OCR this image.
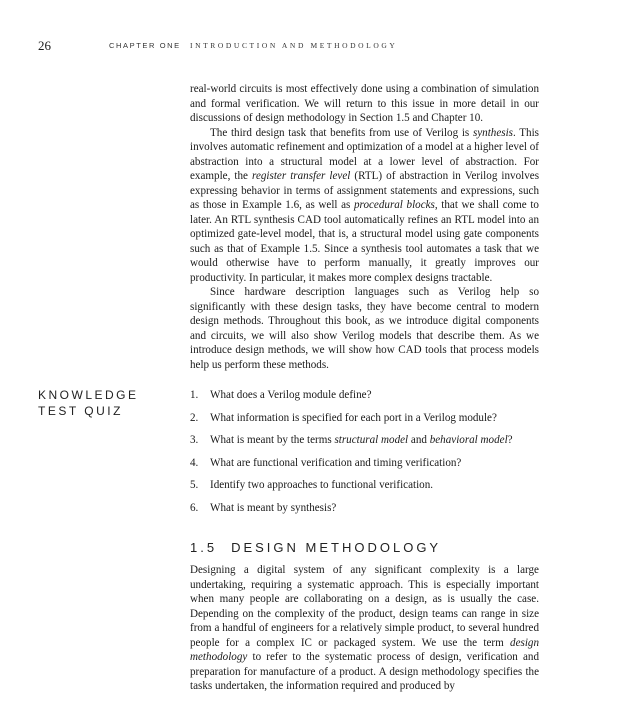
26	CHAPTER ONE INTRODUCTION AND METHODOLOGY

real-world circuits is most effectively done using a combination of simulation and formal verification. We will return to this issue in more detail in our discussions of design methodology in Section 1.5 and Chapter 10.

The third design task that benefits from use of Verilog is synthesis. This involves automatic refinement and optimization of a model at a higher level of abstraction into a structural model at a lower level of abstraction. For example, the register transfer level (RTL) of abstraction in Verilog involves expressing behavior in terms of assignment statements and expressions, such as those in Example 1.6, as well as procedural blocks, that we shall come to later. An RTL synthesis CAD tool automatically refines an RTL model into an optimized gate-level model, that is, a structural model using gate components such as that of Example 1.5. Since a synthesis tool automates a task that we would otherwise have to perform manually, it greatly improves our productivity. In particular, it makes more complex designs tractable.

Since hardware description languages such as Verilog help so significantly with these design tasks, they have become central to modern design methods. Throughout this book, as we introduce digital components and circuits, we will also show Verilog models that describe them. As we introduce design methods, we will show how CAD tools that process models help us perform these methods.

KNOWLEDGE
TEST QUIZ
1. What does a Verilog module define?
2. What information is specified for each port in a Verilog module?
3. What is meant by the terms structural model and behavioral model?
4. What are functional verification and timing verification?
5. Identify two approaches to functional verification.
6. What is meant by synthesis?
1.5 DESIGN METHODOLOGY

Designing a digital system of any significant complexity is a large undertaking, requiring a systematic approach. This is especially important when many people are collaborating on a design, as is usually the case. Depending on the complexity of the product, design teams can range in size from a handful of engineers for a relatively simple product, to several hundred people for a complex IC or packaged system. We use the term design methodology to refer to the systematic process of design, verification and preparation for manufacture of a product. A design methodology specifies the tasks undertaken, the information required and produced by
